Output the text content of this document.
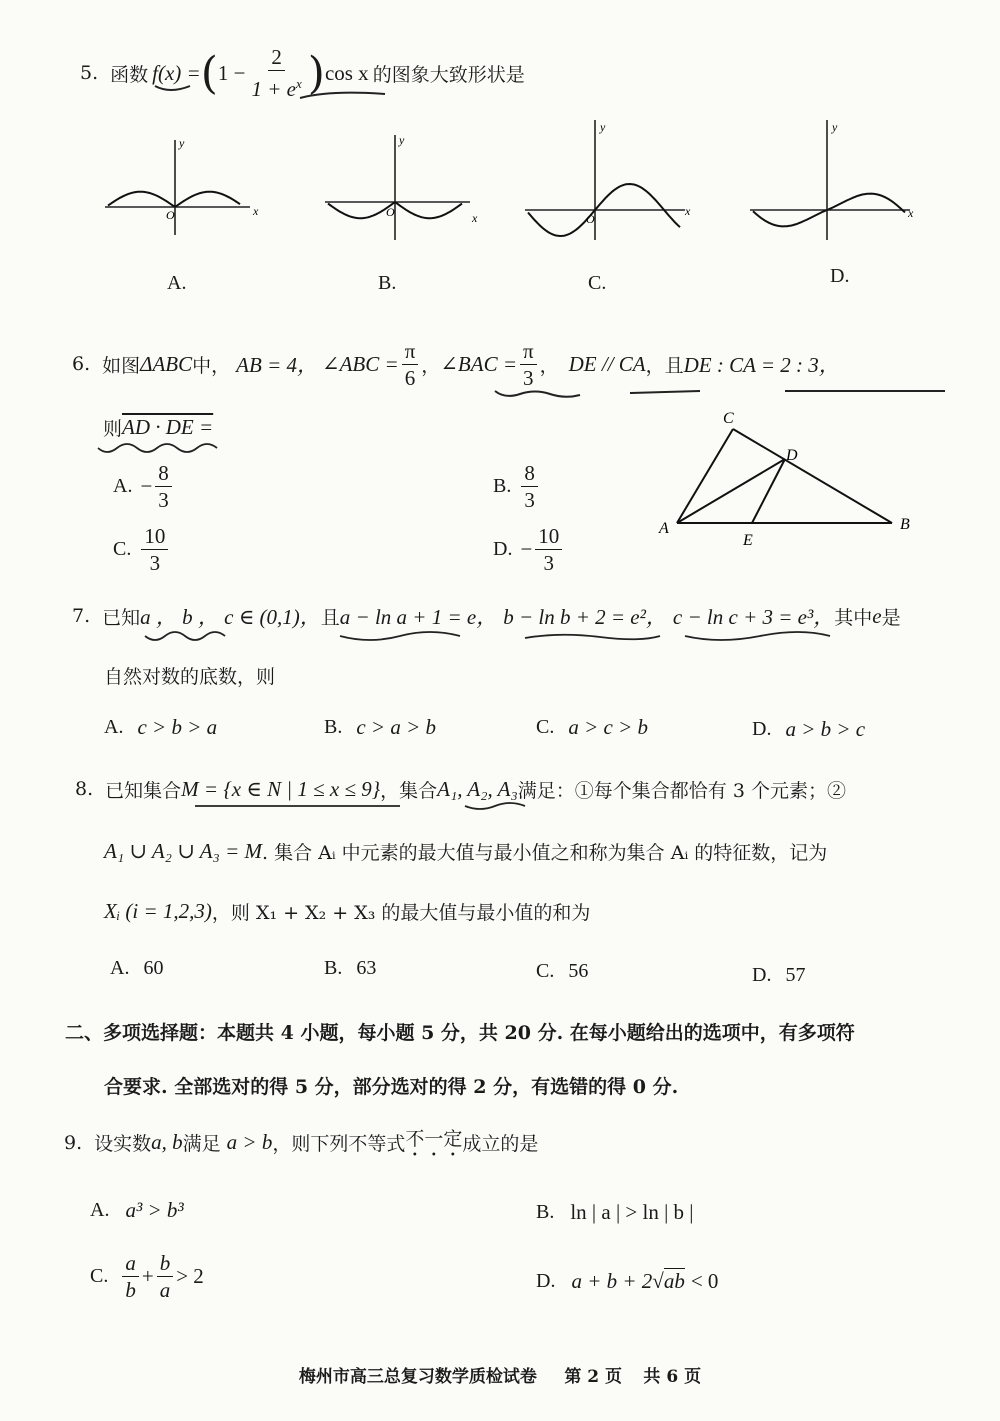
5. 函数 f(x) = ( $1 - \frac{2}{1 + e^x}$ ) cos x 的图象大致形状是
x
y
O	x
y
O	x
y
O	x
y
A.	B.	C.	D.
6. 如图 ΔABC 中， AB = 4， ∠ABC = $\frac{\pi}{6}$ ， ∠BAC = $\frac{\pi}{3}$ ， DE // CA ，且 DE : CA = 2 : 3，
则 AD · DE =
A. − $\frac{8}{3}$	B. $\frac{8}{3}$
C. $\frac{10}{3}$	D. − $\frac{10}{3}$
C
D
A	B
E
7. 已知 a ， b ， c ∈ (0,1)， 且 a − ln a + 1 = e， b − ln b + 2 = e²， c − ln c + 3 = e³， 其中 e 是
自然对数的底数，则
A. c > b > a	B. c > a > b	C. a > c > b	D. a > b > c
8. 已知集合 M = {x ∈ N | 1 ≤ x ≤ 9} ，集合 A₁, A₂, A₃ 满足：①每个集合都恰有 3 个元素；②
A₁ ∪ A₂ ∪ A₃ = M . 集合 Aᵢ 中元素的最大值与最小值之和称为集合 Aᵢ 的特征数，记为
Xᵢ (i = 1,2,3) ，则 X₁ + X₂ + X₃ 的最大值与最小值的和为
A. 60	B. 63	C. 56	D. 57
二、多项选择题：本题共 4 小题，每小题 5 分，共 20 分. 在每小题给出的选项中，有多项符
合要求. 全部选对的得 5 分，部分选对的得 2 分，有选错的得 0 分.
9. 设实数 a, b 满足 a > b ，则下列不等式 不一定 成立的是
A. a³ > b³	B. ln | a | > ln | b |
C. $\frac{a}{b} + \frac{b}{a} > 2$	D. a + b + 2 √ ab < 0
梅州市高三总复习数学质检试卷 第 2 页 共 6 页
